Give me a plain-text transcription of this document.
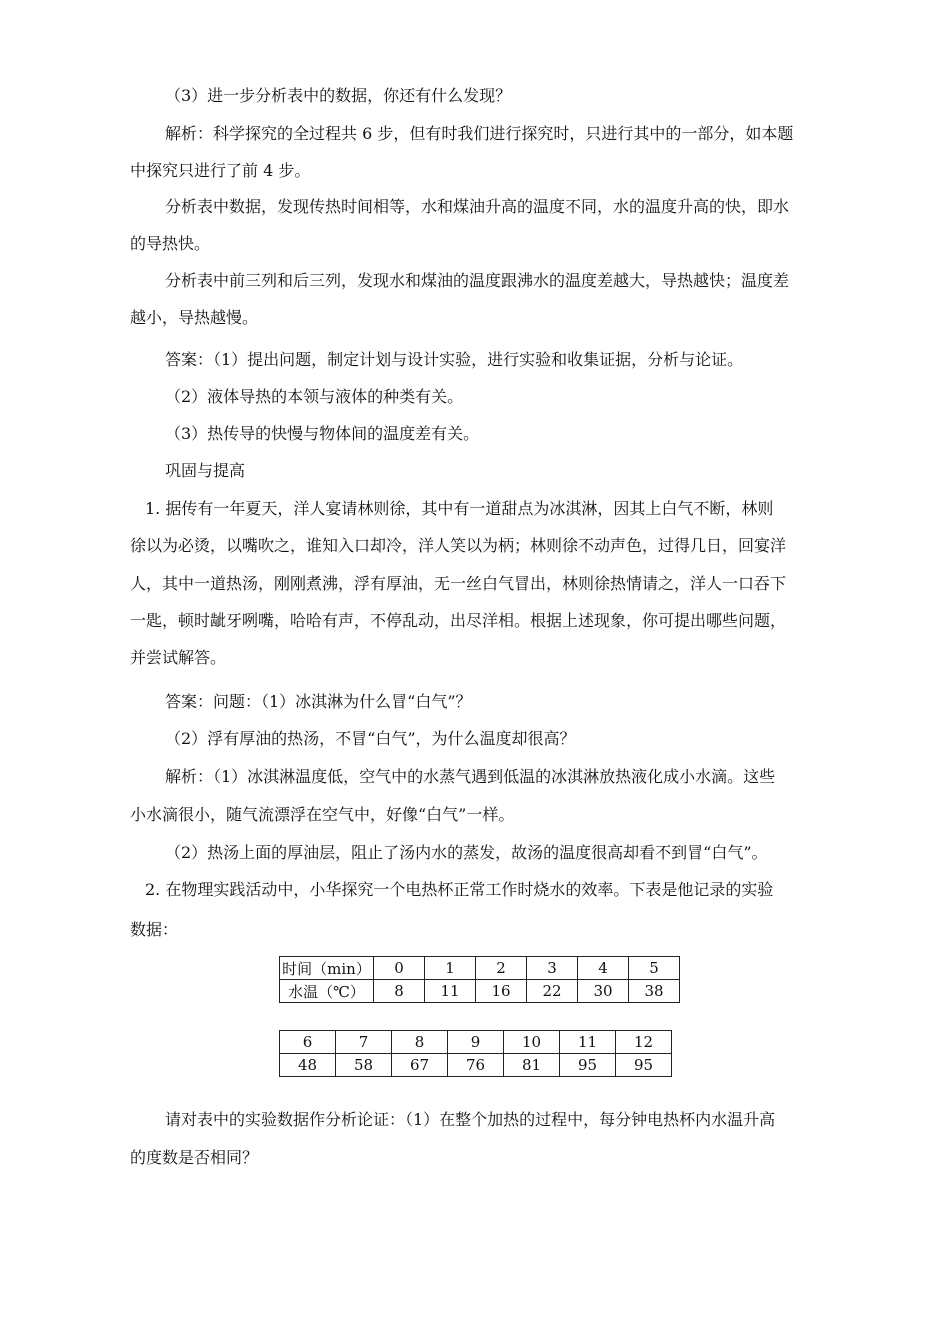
（3）进一步分析表中的数据，你还有什么发现？
解析：科学探究的全过程共 6 步，但有时我们进行探究时，只进行其中的一部分，如本题
中探究只进行了前 4 步。
分析表中数据，发现传热时间相等，水和煤油升高的温度不同，水的温度升高的快，即水
的导热快。
分析表中前三列和后三列，发现水和煤油的温度跟沸水的温度差越大，导热越快；温度差
越小，导热越慢。
答案：（1）提出问题，制定计划与设计实验，进行实验和收集证据，分析与论证。
（2）液体导热的本领与液体的种类有关。
（3）热传导的快慢与物体间的温度差有关。
巩固与提高
1. 据传有一年夏天，洋人宴请林则徐，其中有一道甜点为冰淇淋，因其上白气不断，林则
徐以为必烫，以嘴吹之，谁知入口却冷，洋人笑以为柄；林则徐不动声色，过得几日，回宴洋
人，其中一道热汤，刚刚煮沸，浮有厚油，无一丝白气冒出，林则徐热情请之，洋人一口吞下
一匙，顿时龇牙咧嘴，哈哈有声，不停乱动，出尽洋相。根据上述现象，你可提出哪些问题，
并尝试解答。
答案：问题：（1）冰淇淋为什么冒“白气”？
（2）浮有厚油的热汤，不冒“白气”，为什么温度却很高？
解析：（1）冰淇淋温度低，空气中的水蒸气遇到低温的冰淇淋放热液化成小水滴。这些
小水滴很小，随气流漂浮在空气中，好像“白气”一样。
（2）热汤上面的厚油层，阻止了汤内水的蒸发，故汤的温度很高却看不到冒“白气”。
2. 在物理实践活动中，小华探究一个电热杯正常工作时烧水的效率。下表是他记录的实验
数据：
时间（min）	0	1	2	3	4	5
水温（℃）	8	11	16	22	30	38
6	7	8	9	10	11	12
48	58	67	76	81	95	95
请对表中的实验数据作分析论证：（1）在整个加热的过程中，每分钟电热杯内水温升高
的度数是否相同？
